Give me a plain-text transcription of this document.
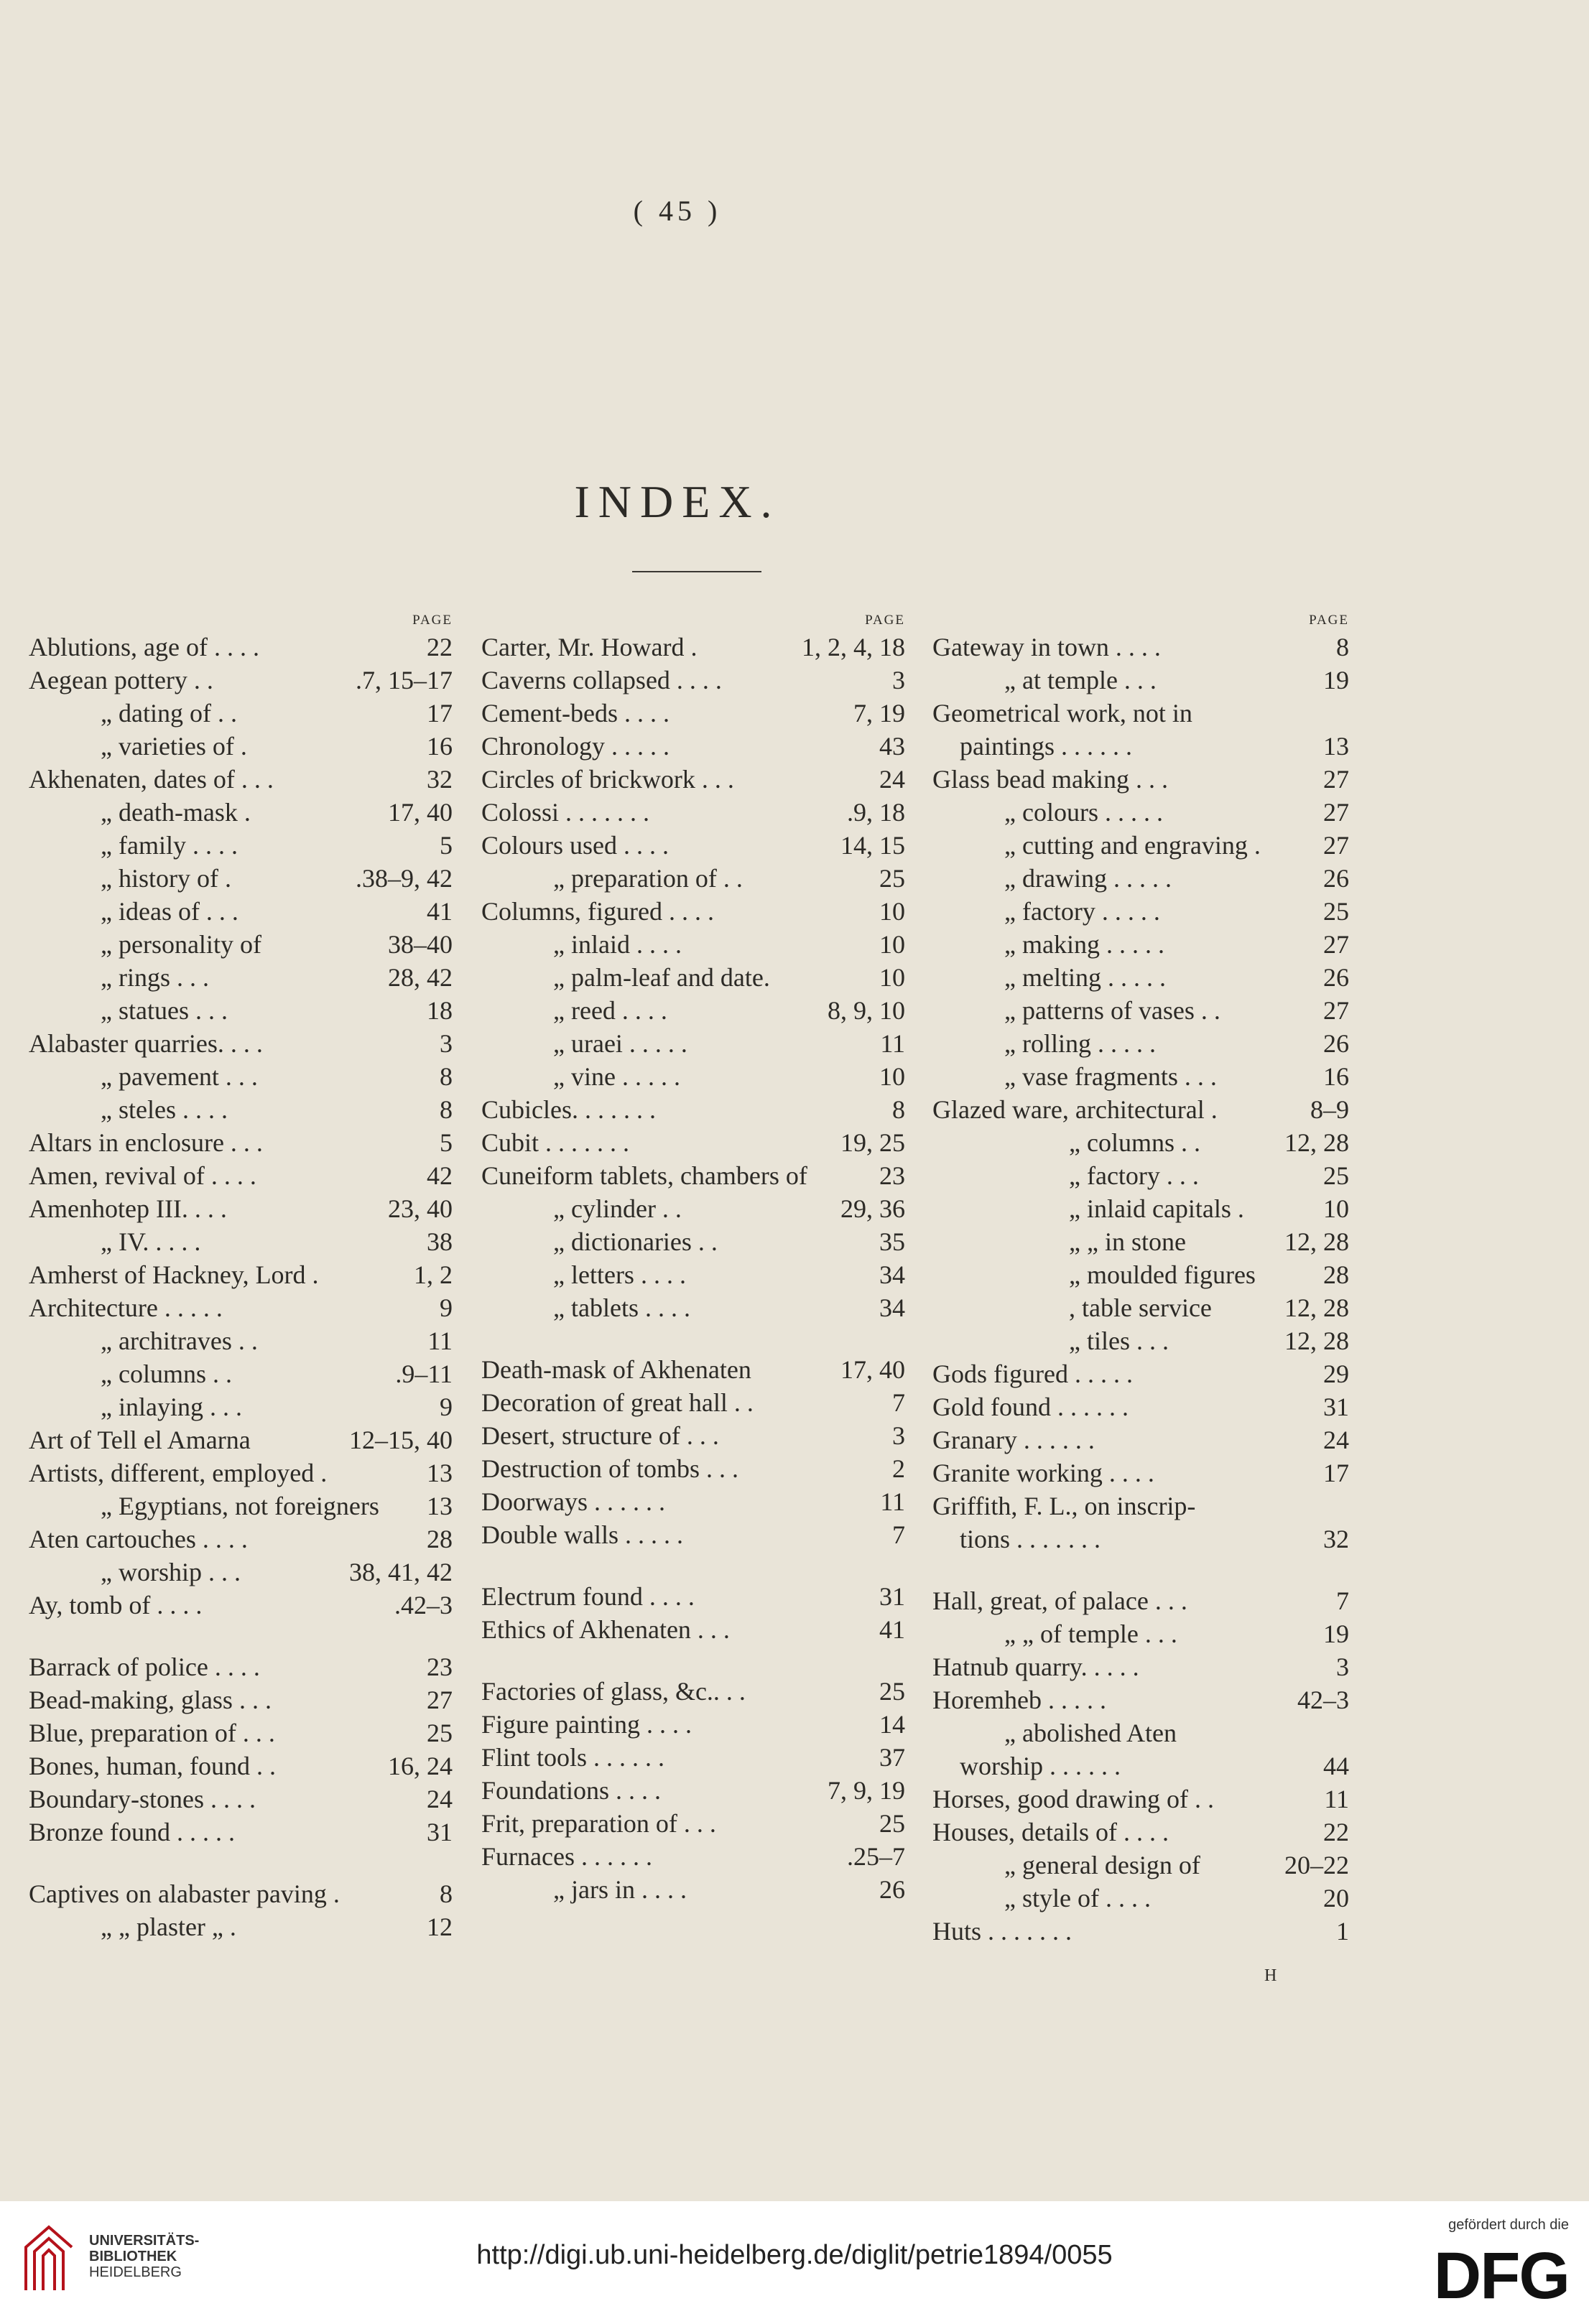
( 45 )
INDEX.
PAGE
Ablutions, age of . . . .	22
Aegean pottery . .	.7, 15–17
„ dating of . .	17
„ varieties of .	16
Akhenaten, dates of . . .	32
„ death-mask .	17, 40
„ family . . . .	5
„ history of .	.38–9, 42
„ ideas of . . .	41
„ personality of	38–40
„ rings . . .	28, 42
„ statues . . .	18
Alabaster quarries. . . .	3
„ pavement . . .	8
„ steles . . . .	8
Altars in enclosure . . .	5
Amen, revival of . . . .	42
Amenhotep III. . . .	23, 40
„ IV. . . . .	38
Amherst of Hackney, Lord .	1, 2
Architecture . . . . .	9
„ architraves . .	11
„ columns . .	.9–11
„ inlaying . . .	9
Art of Tell el Amarna	12–15, 40
Artists, different, employed .	13
„ Egyptians, not foreigners 13
Aten cartouches . . . .	28
„ worship . . .	38, 41, 42
Ay, tomb of . . . .	.42–3
Barrack of police . . . .	23
Bead-making, glass . . .	27
Blue, preparation of . . .	25
Bones, human, found . .	16, 24
Boundary-stones . . . .	24
Bronze found . . . . .	31
Captives on alabaster paving .	8
„ „ plaster „ .	12
PAGE
Carter, Mr. Howard .	1, 2, 4, 18
Caverns collapsed . . . .	3
Cement-beds . . . .	7, 19
Chronology . . . . .	43
Circles of brickwork . . .	24
Colossi . . . . . . .	.9, 18
Colours used . . . .	14, 15
„ preparation of . .	25
Columns, figured . . . .	10
„ inlaid . . . .	10
„ palm-leaf and date.	10
„ reed . . . .	8, 9, 10
„ uraei . . . . .	11
„ vine . . . . .	10
Cubicles. . . . . . .	8
Cubit . . . . . . .	19, 25
Cuneiform tablets, chambers of	23
„ cylinder . .	29, 36
„ dictionaries . .	35
„ letters . . . .	34
„ tablets . . . .	34
Death-mask of Akhenaten	17, 40
Decoration of great hall . .	7
Desert, structure of . . .	3
Destruction of tombs . . .	2
Doorways . . . . . .	11
Double walls . . . . .	7
Electrum found . . . .	31
Ethics of Akhenaten . . .	41
Factories of glass, &c.. . .	25
Figure painting . . . .	14
Flint tools . . . . . .	37
Foundations . . . .	7, 9, 19
Frit, preparation of . . .	25
Furnaces . . . . . .	.25–7
„ jars in . . . .	26
PAGE
Gateway in town . . . .	8
„ at temple . . .	19
Geometrical work, not in
paintings . . . . . .	13
Glass bead making . . .	27
„ colours . . . . .	27
„ cutting and engraving . 27
„ drawing . . . . .	26
„ factory . . . . .	25
„ making . . . . .	27
„ melting . . . . .	26
„ patterns of vases . .	27
„ rolling . . . . .	26
„ vase fragments . . .	16
Glazed ware, architectural .	8–9
„ columns . .	12, 28
„ factory . . .	25
„ inlaid capitals .	10
„ „ in stone	12, 28
„ moulded figures	28
, table service	12, 28
„ tiles . . .	12, 28
Gods figured . . . . .	29
Gold found . . . . . .	31
Granary . . . . . .	24
Granite working . . . .	17
Griffith, F. L., on inscrip-
tions . . . . . . .	32
Hall, great, of palace . . .	7
„ „ of temple . . .	19
Hatnub quarry. . . . .	3
Horemheb . . . . .	42–3
„ abolished Aten
worship . . . . . .	44
Horses, good drawing of . .	11
Houses, details of . . . .	22
„ general design of	20–22
„ style of . . . .	20
Huts . . . . . . .	1
H
UNIVERSITÄTS-
BIBLIOTHEK
HEIDELBERG
http://digi.ub.uni-heidelberg.de/diglit/petrie1894/0055
gefördert durch die
DFG
